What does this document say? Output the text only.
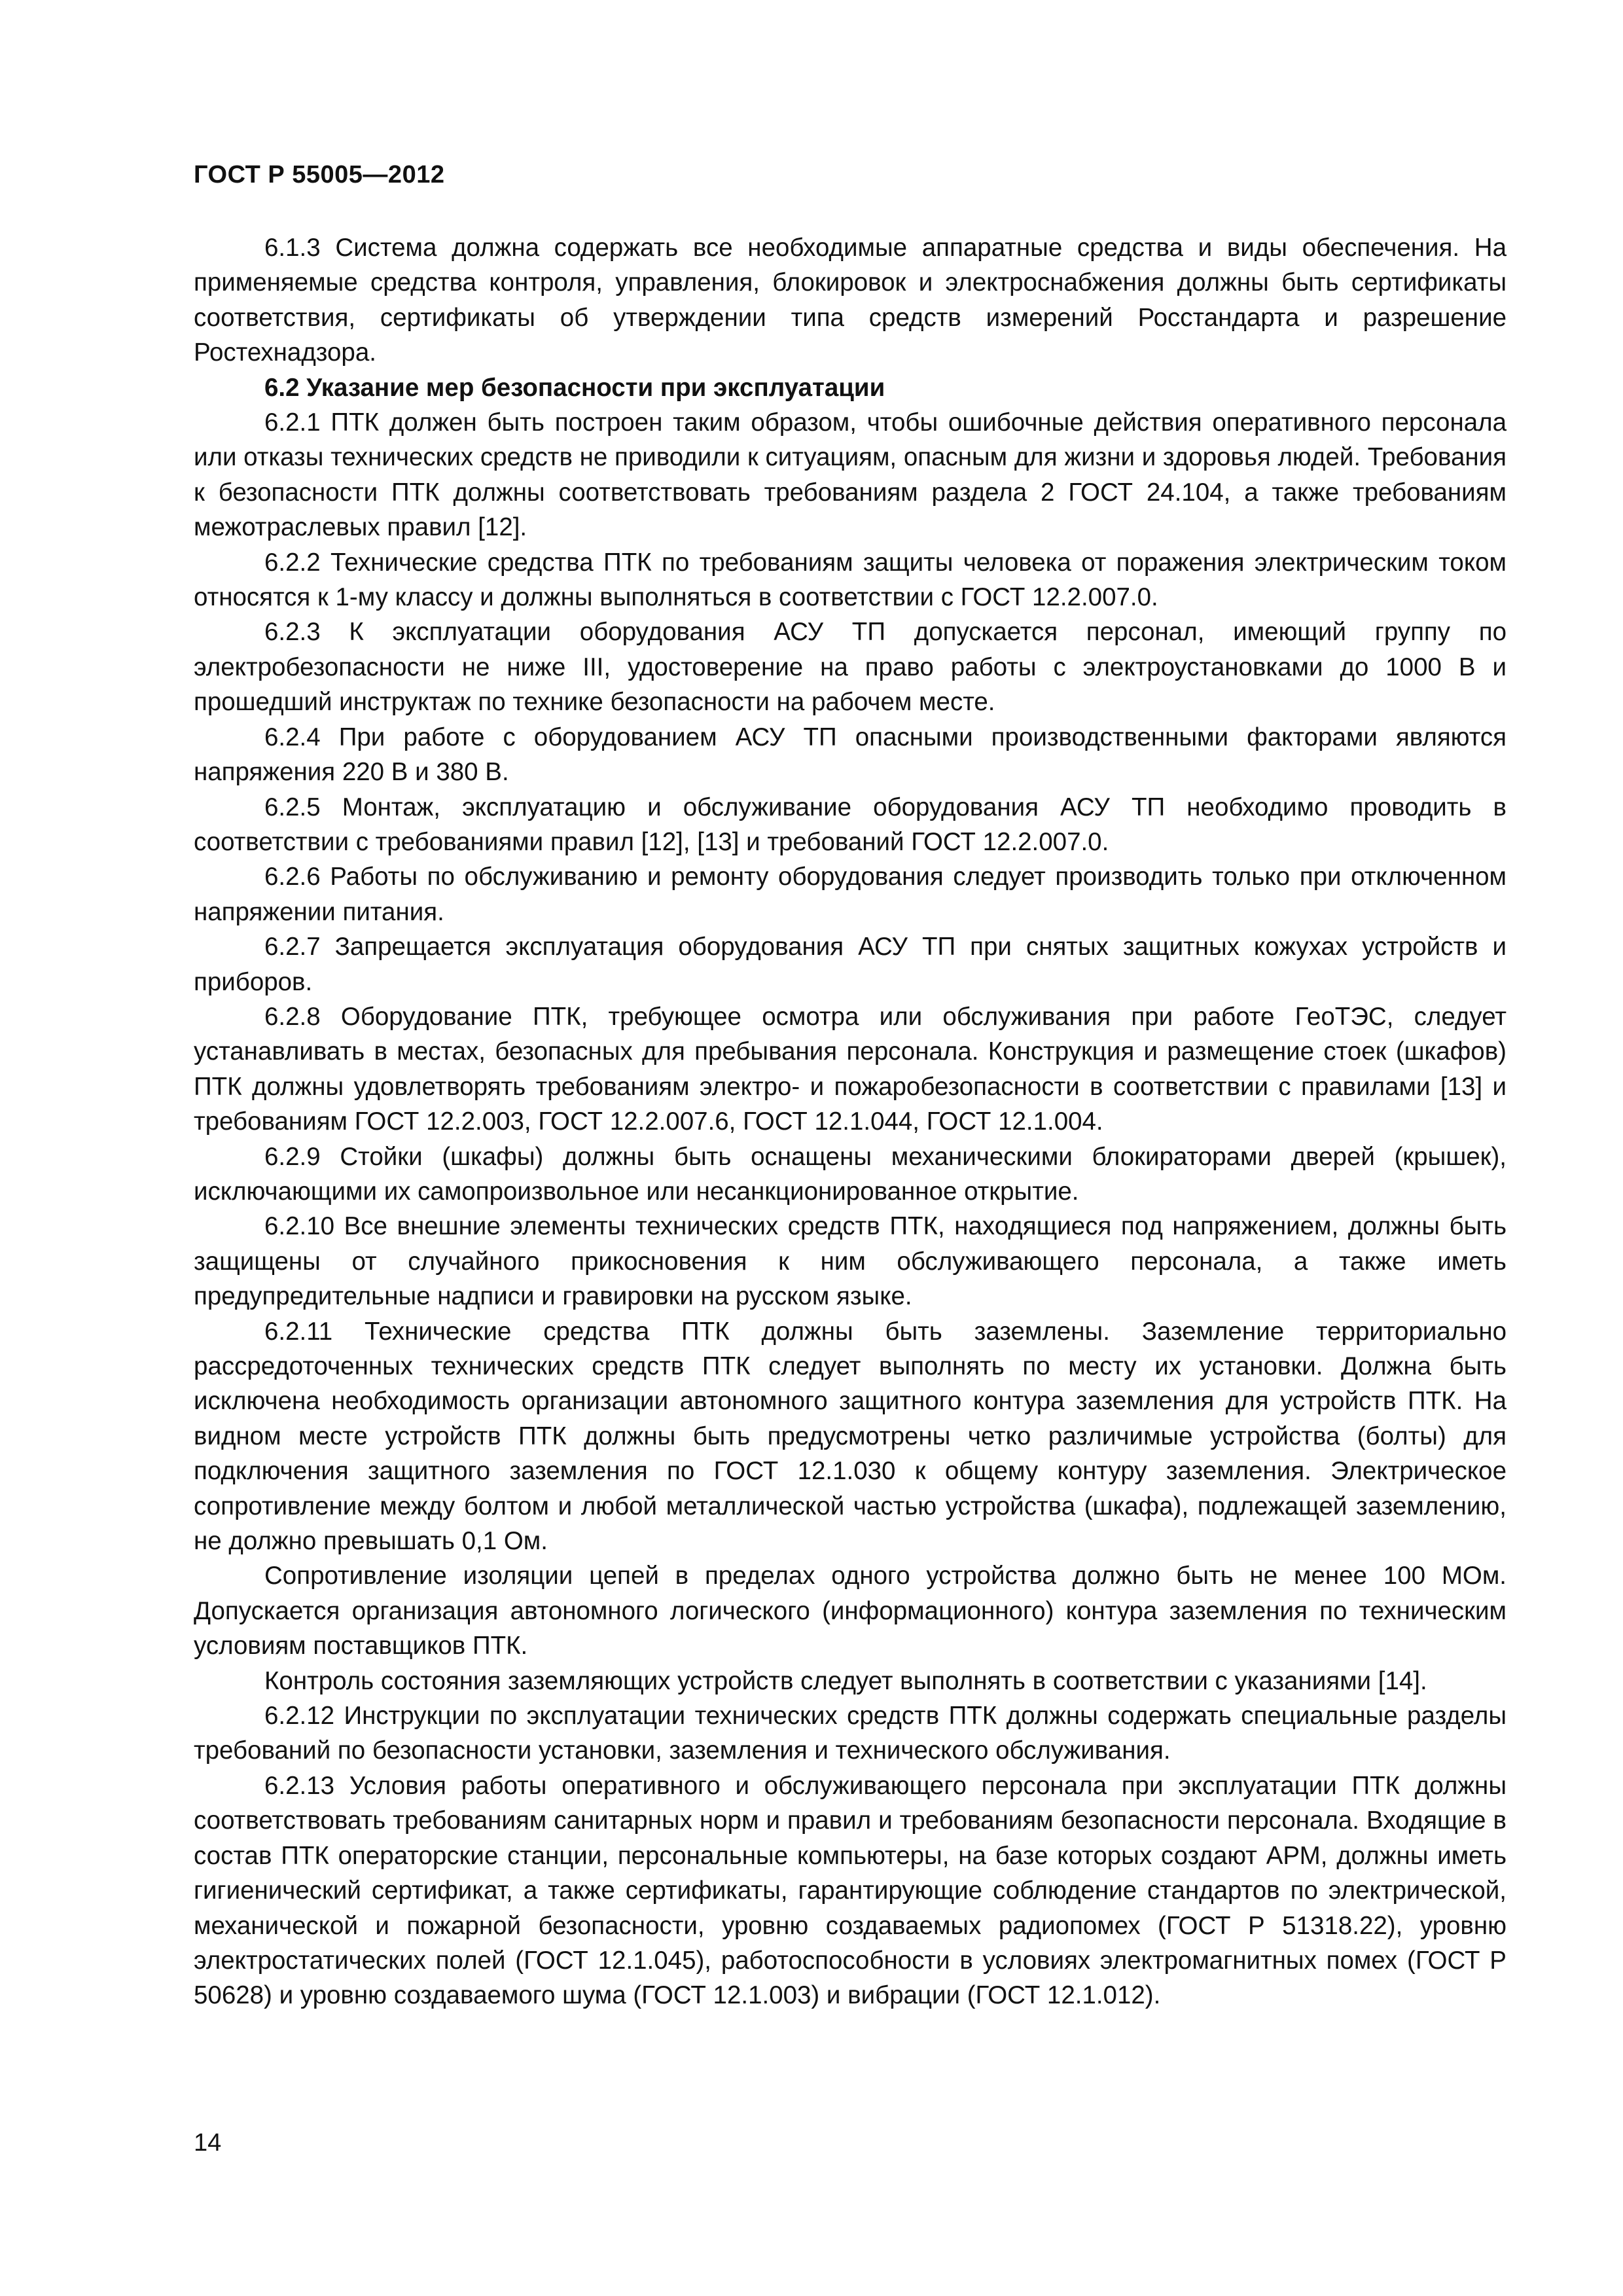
ГОСТ Р 55005—2012

6.1.3 Система должна содержать все необходимые аппаратные средства и виды обеспечения. На применяемые средства контроля, управления, блокировок и электроснабжения должны быть сертификаты соответствия, сертификаты об утверждении типа средств измерений Росстандарта и разрешение Ростехнадзора.

6.2 Указание мер безопасности при эксплуатации

6.2.1 ПТК должен быть построен таким образом, чтобы ошибочные действия оперативного персонала или отказы технических средств не приводили к ситуациям, опасным для жизни и здоровья людей. Требования к безопасности ПТК должны соответствовать требованиям раздела 2 ГОСТ 24.104, а также требованиям межотраслевых правил [12].

6.2.2 Технические средства ПТК по требованиям защиты человека от поражения электрическим током относятся к 1-му классу и должны выполняться в соответствии с ГОСТ 12.2.007.0.

6.2.3 К эксплуатации оборудования АСУ ТП допускается персонал, имеющий группу по электробезопасности не ниже III, удостоверение на право работы с электроустановками до 1000 В и прошедший инструктаж по технике безопасности на рабочем месте.

6.2.4 При работе с оборудованием АСУ ТП опасными производственными факторами являются напряжения 220 В и 380 В.

6.2.5 Монтаж, эксплуатацию и обслуживание оборудования АСУ ТП необходимо проводить в соответствии с требованиями правил [12], [13] и требований ГОСТ 12.2.007.0.

6.2.6 Работы по обслуживанию и ремонту оборудования следует производить только при отключенном напряжении питания.

6.2.7 Запрещается эксплуатация оборудования АСУ ТП при снятых защитных кожухах устройств и приборов.

6.2.8 Оборудование ПТК, требующее осмотра или обслуживания при работе ГеоТЭС, следует устанавливать в местах, безопасных для пребывания персонала. Конструкция и размещение стоек (шкафов) ПТК должны удовлетворять требованиям электро- и пожаробезопасности в соответствии с правилами [13] и требованиям ГОСТ 12.2.003, ГОСТ 12.2.007.6, ГОСТ 12.1.044, ГОСТ 12.1.004.

6.2.9 Стойки (шкафы) должны быть оснащены механическими блокираторами дверей (крышек), исключающими их самопроизвольное или несанкционированное открытие.

6.2.10 Все внешние элементы технических средств ПТК, находящиеся под напряжением, должны быть защищены от случайного прикосновения к ним обслуживающего персонала, а также иметь предупредительные надписи и гравировки на русском языке.

6.2.11 Технические средства ПТК должны быть заземлены. Заземление территориально рассредоточенных технических средств ПТК следует выполнять по месту их установки. Должна быть исключена необходимость организации автономного защитного контура заземления для устройств ПТК. На видном месте устройств ПТК должны быть предусмотрены четко различимые устройства (болты) для подключения защитного заземления по ГОСТ 12.1.030 к общему контуру заземления. Электрическое сопротивление между болтом и любой металлической частью устройства (шкафа), подлежащей заземлению, не должно превышать 0,1 Ом.

Сопротивление изоляции цепей в пределах одного устройства должно быть не менее 100 МОм. Допускается организация автономного логического (информационного) контура заземления по техническим условиям поставщиков ПТК.

Контроль состояния заземляющих устройств следует выполнять в соответствии с указаниями [14].

6.2.12 Инструкции по эксплуатации технических средств ПТК должны содержать специальные разделы требований по безопасности установки, заземления и технического обслуживания.

6.2.13 Условия работы оперативного и обслуживающего персонала при эксплуатации ПТК должны соответствовать требованиям санитарных норм и правил и требованиям безопасности персонала. Входящие в состав ПТК операторские станции, персональные компьютеры, на базе которых создают АРМ, должны иметь гигиенический сертификат, а также сертификаты, гарантирующие соблюдение стандартов по электрической, механической и пожарной безопасности, уровню создаваемых радиопомех (ГОСТ Р 51318.22), уровню электростатических полей (ГОСТ 12.1.045), работоспособности в условиях электромагнитных помех (ГОСТ Р 50628) и уровню создаваемого шума (ГОСТ 12.1.003) и вибрации (ГОСТ 12.1.012).

14
